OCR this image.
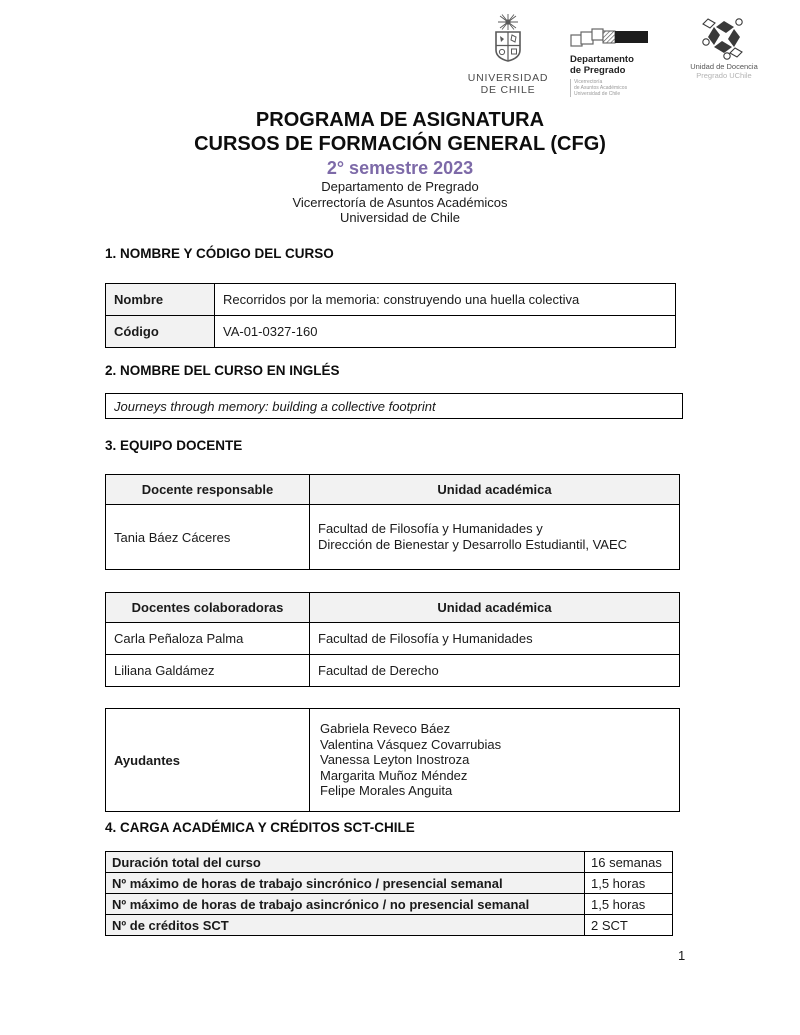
UNIVERSIDAD
DE CHILE
Departamento
de Pregrado
Vicerrectoría
de Asuntos Académicos
Universidad de Chile
Unidad de Docencia
Pregrado UChile
PROGRAMA DE ASIGNATURA
CURSOS DE FORMACIÓN GENERAL (CFG)
2° semestre 2023
Departamento de Pregrado
Vicerrectoría de Asuntos Académicos
Universidad de Chile
1. NOMBRE Y CÓDIGO DEL CURSO
Nombre	Recorridos por la memoria: construyendo una huella colectiva
Código	VA-01-0327-160
2. NOMBRE DEL CURSO EN INGLÉS
Journeys through memory: building a collective footprint
3. EQUIPO DOCENTE
Docente responsable	Unidad académica
Tania Báez Cáceres	Facultad de Filosofía y Humanidades y
Dirección de Bienestar y Desarrollo Estudiantil, VAEC
Docentes colaboradoras	Unidad académica
Carla Peñaloza Palma	Facultad de Filosofía y Humanidades
Liliana Galdámez	Facultad de Derecho
Ayudantes	
Gabriela Reveco Báez
Valentina Vásquez Covarrubias
Vanessa Leyton Inostroza
Margarita Muñoz Méndez
Felipe Morales Anguita
4. CARGA ACADÉMICA Y CRÉDITOS SCT-CHILE
Duración total del curso	16 semanas
Nº máximo de horas de trabajo sincrónico / presencial semanal	1,5 horas
Nº máximo de horas de trabajo asincrónico / no presencial semanal	1,5 horas
Nº de créditos SCT	2 SCT
1
